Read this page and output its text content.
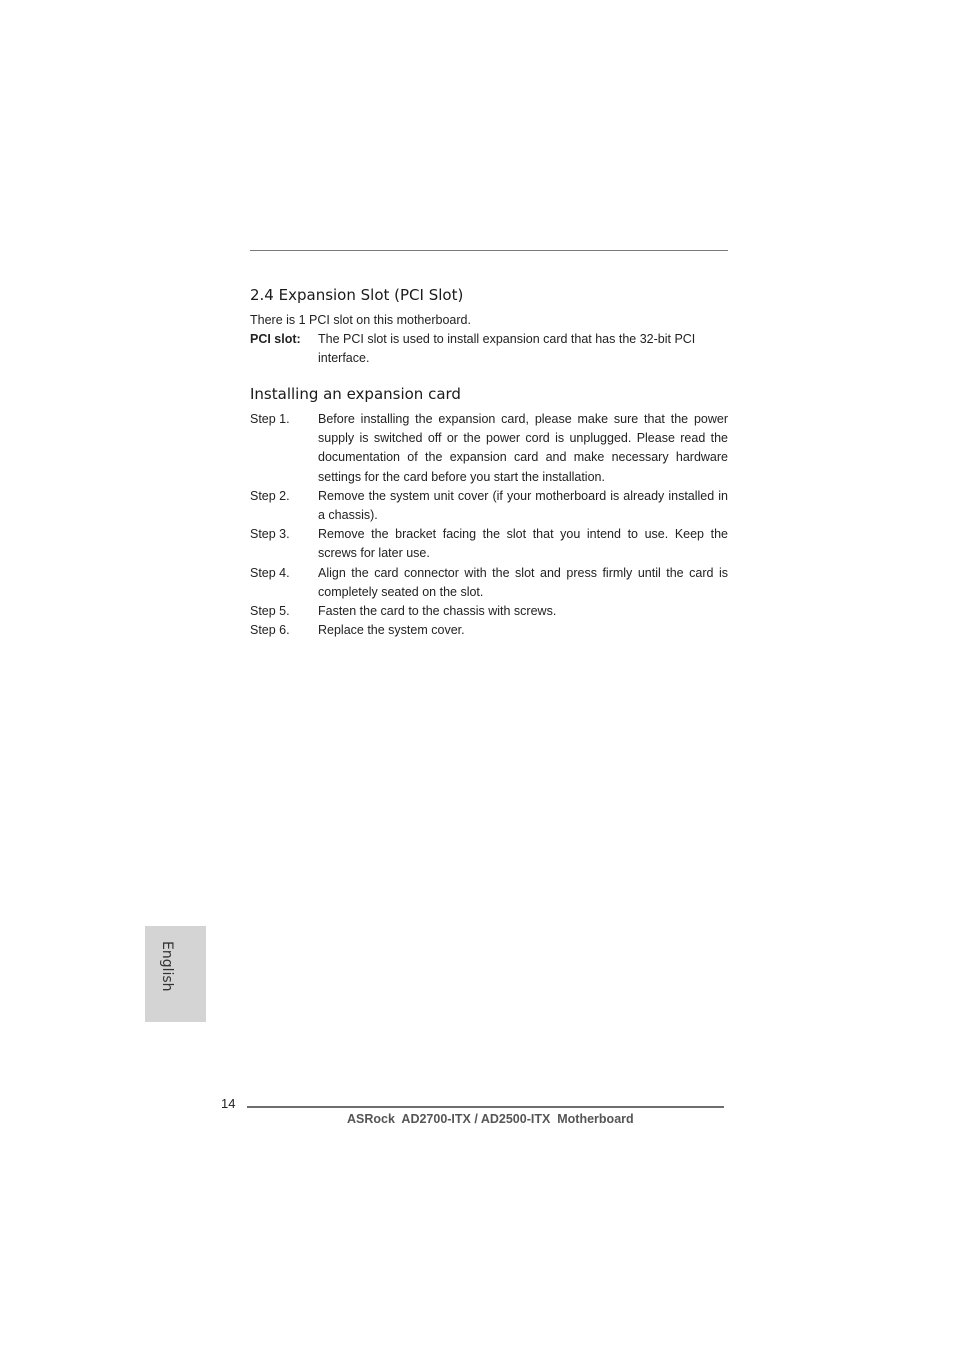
2.4 Expansion Slot (PCI Slot)

There is 1 PCI slot on this motherboard.

PCI slot: The PCI slot is used to install expansion card that has the 32-bit PCI interface.

Installing an expansion card
Step 1. Before installing the expansion card, please make sure that the power supply is switched off or the power cord is unplugged. Please read the documentation of the expansion card and make necessary hardware settings for the card before you start the installation.
Step 2. Remove the system unit cover (if your motherboard is already installed in a chassis).
Step 3. Remove the bracket facing the slot that you intend to use. Keep the screws for later use.
Step 4. Align the card connector with the slot and press firmly until the card is completely seated on the slot.
Step 5. Fasten the card to the chassis with screws.
Step 6. Replace the system cover.
English
14
ASRock  AD2700-ITX / AD2500-ITX  Motherboard
